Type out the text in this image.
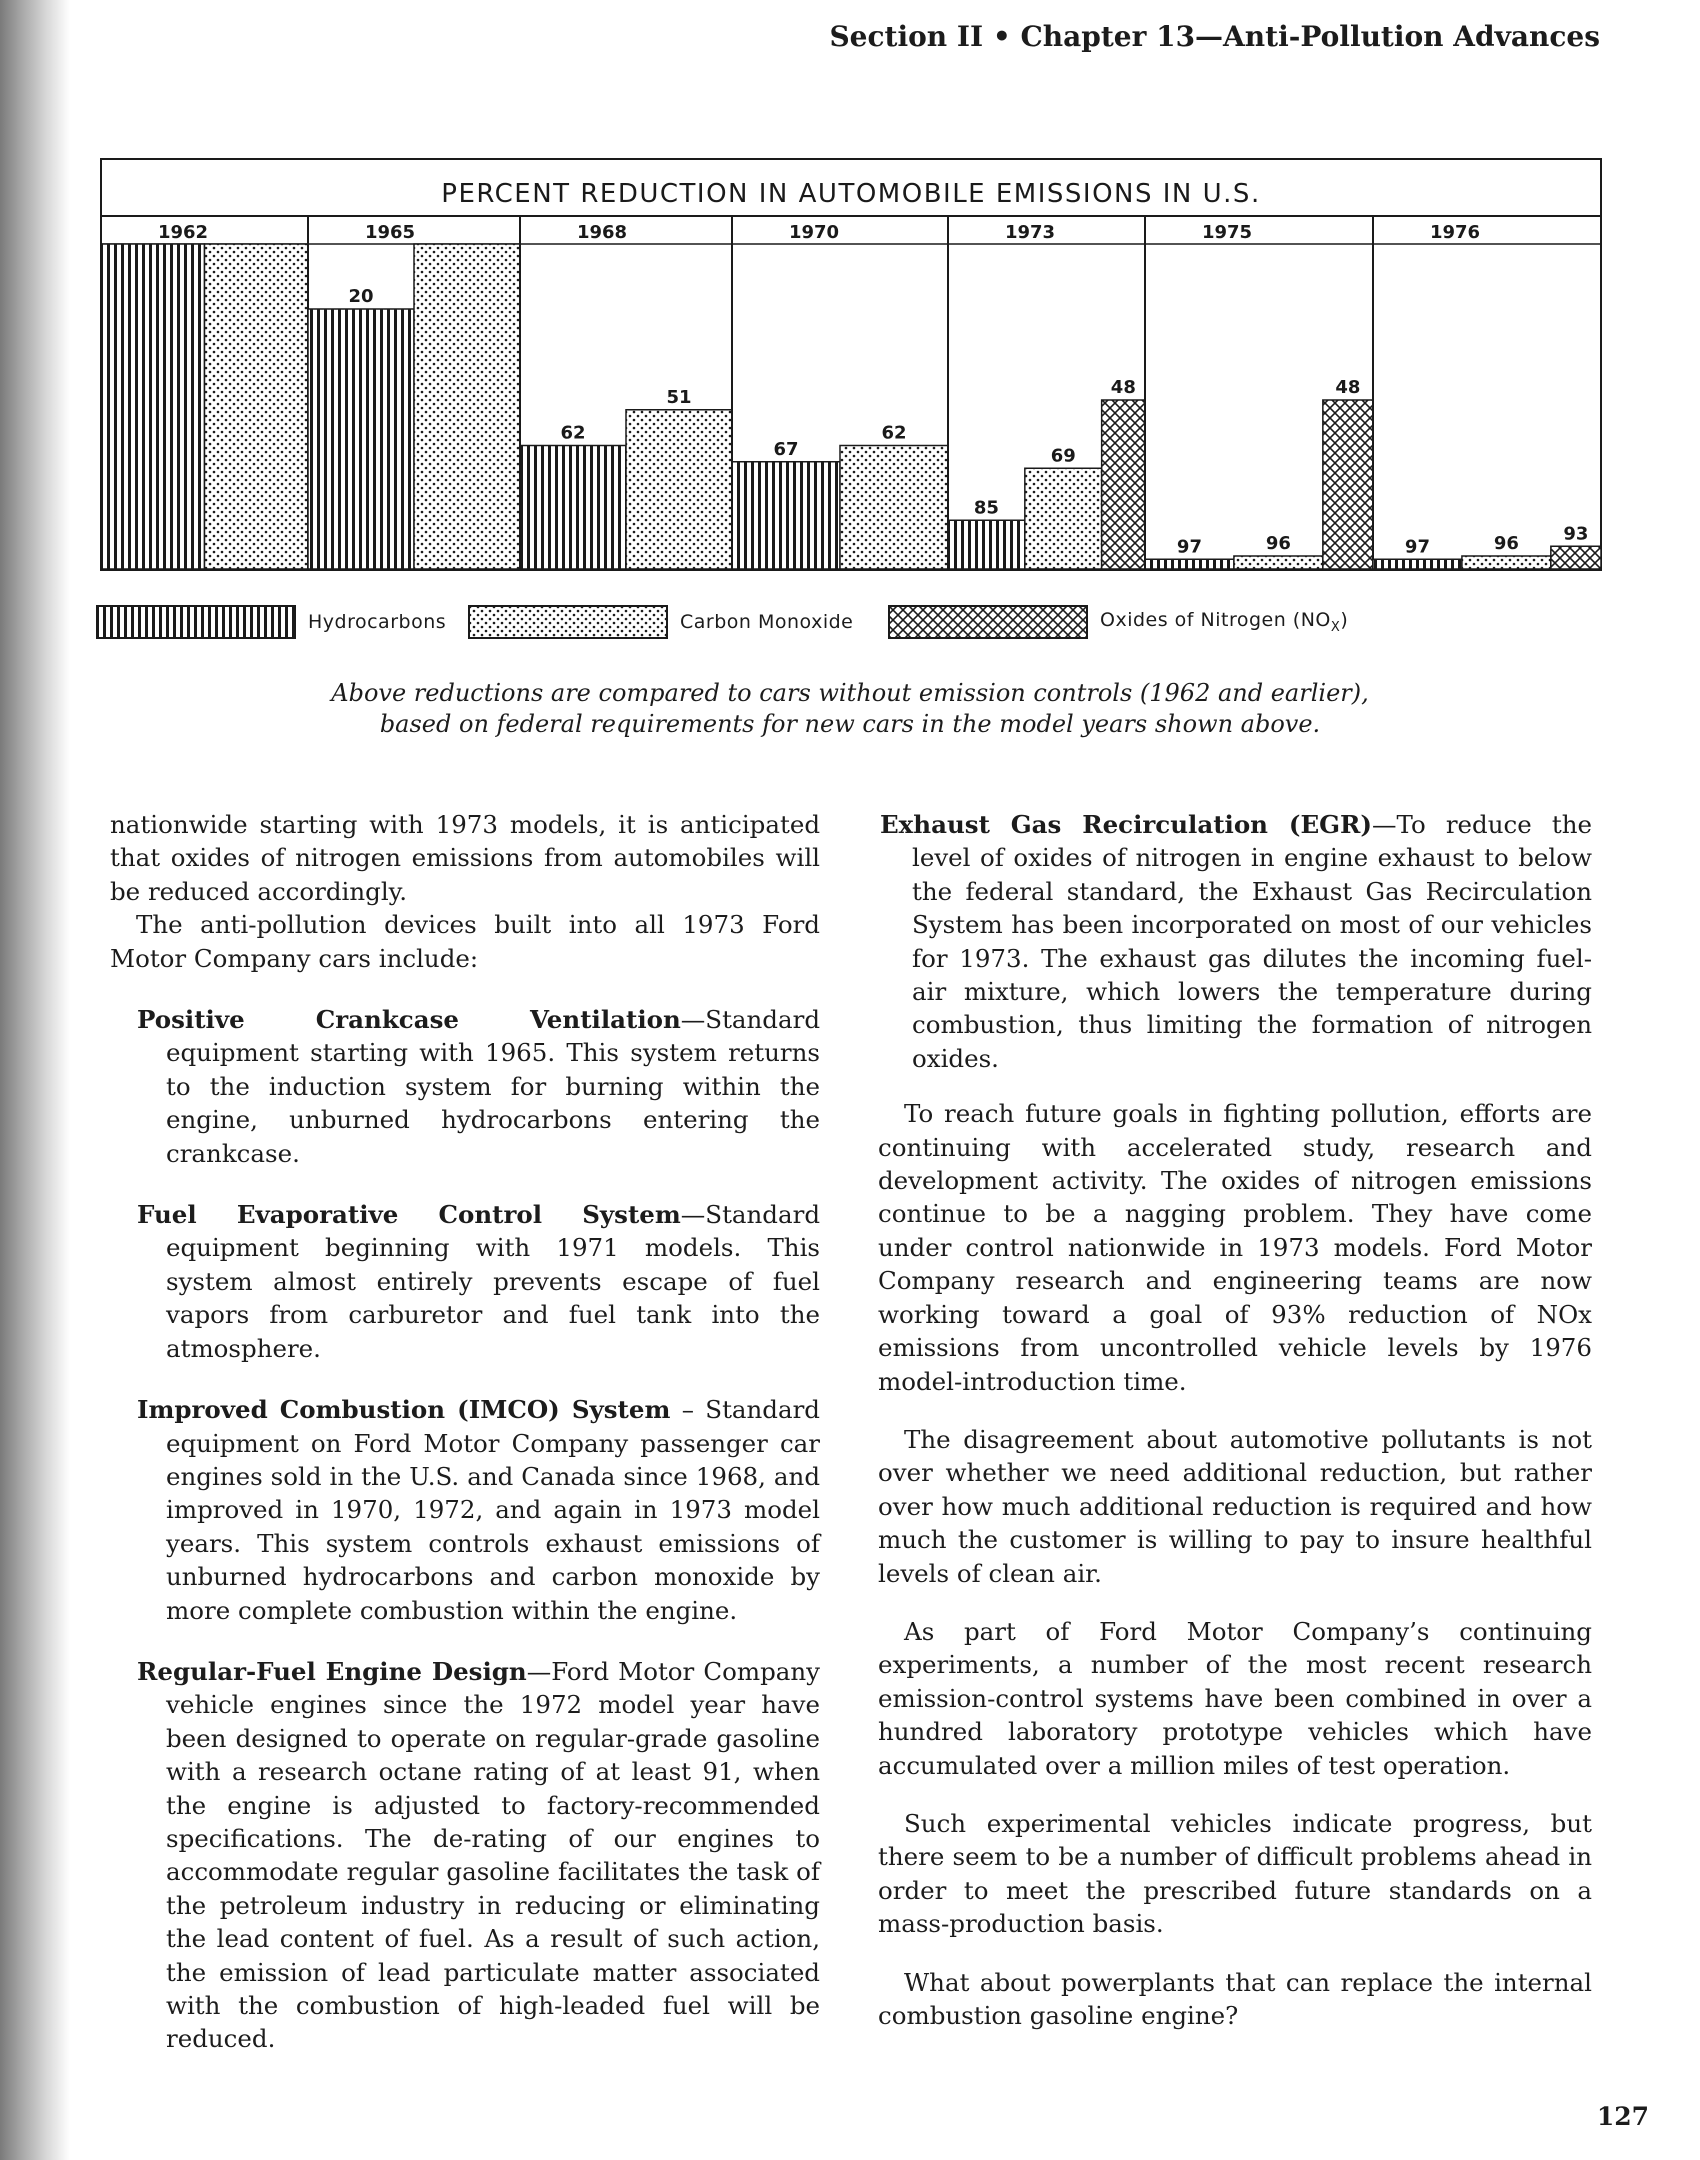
Section II • Chapter 13—Anti-Pollution Advances
PERCENT REDUCTION IN AUTOMOBILE EMISSIONS IN U.S.
1962	1965
20
1968
62
51
1970
67
62
1973
85
69
48
1975
97	96
48
1976
97	96 93
Hydrocarbons	Carbon Monoxide	Oxides of Nitrogen $(NO_X)$
Above reductions are compared to cars without emission controls (1962 and earlier),
based on federal requirements for new cars in the model years shown above.

nationwide starting with 1973 models, it is anticipated that oxides of nitrogen emissions from automobiles will be reduced accordingly.

The anti-pollution devices built into all 1973 Ford Motor Company cars include:

Positive Crankcase Ventilation—Standard equipment starting with 1965. This system returns to the induction system for burning within the engine, unburned hydrocarbons entering the crankcase.

Fuel Evaporative Control System—Standard equipment beginning with 1971 models. This system almost entirely prevents escape of fuel vapors from carburetor and fuel tank into the atmosphere.

Improved Combustion (IMCO) System – Standard equipment on Ford Motor Company passenger car engines sold in the U.S. and Canada since 1968, and improved in 1970, 1972, and again in 1973 model years. This system controls exhaust emissions of unburned hydrocarbons and carbon monoxide by more complete combustion within the engine.

Regular-Fuel Engine Design—Ford Motor Company vehicle engines since the 1972 model year have been designed to operate on regular-grade gasoline with a research octane rating of at least 91, when the engine is adjusted to factory-recommended specifications. The de-rating of our engines to accommodate regular gasoline facilitates the task of the petroleum industry in reducing or eliminating the lead content of fuel. As a result of such action, the emission of lead particulate matter associated with the combustion of high-leaded fuel will be reduced.

Exhaust Gas Recirculation (EGR)—To reduce the level of oxides of nitrogen in engine exhaust to below the federal standard, the Exhaust Gas Recirculation System has been incorporated on most of our vehicles for 1973. The exhaust gas dilutes the incoming fuel-air mixture, which lowers the temperature during combustion, thus limiting the formation of nitrogen oxides.

To reach future goals in fighting pollution, efforts are continuing with accelerated study, research and development activity. The oxides of nitrogen emissions continue to be a nagging problem. They have come under control nationwide in 1973 models. Ford Motor Company research and engineering teams are now working toward a goal of 93% reduction of NOx emissions from uncontrolled vehicle levels by 1976 model-introduction time.

The disagreement about automotive pollutants is not over whether we need additional reduction, but rather over how much additional reduction is required and how much the customer is willing to pay to insure healthful levels of clean air.

As part of Ford Motor Company’s continuing experiments, a number of the most recent research emission-control systems have been combined in over a hundred laboratory prototype vehicles which have accumulated over a million miles of test operation.

Such experimental vehicles indicate progress, but there seem to be a number of difficult problems ahead in order to meet the prescribed future standards on a mass-production basis.

What about powerplants that can replace the internal combustion gasoline engine?

127
